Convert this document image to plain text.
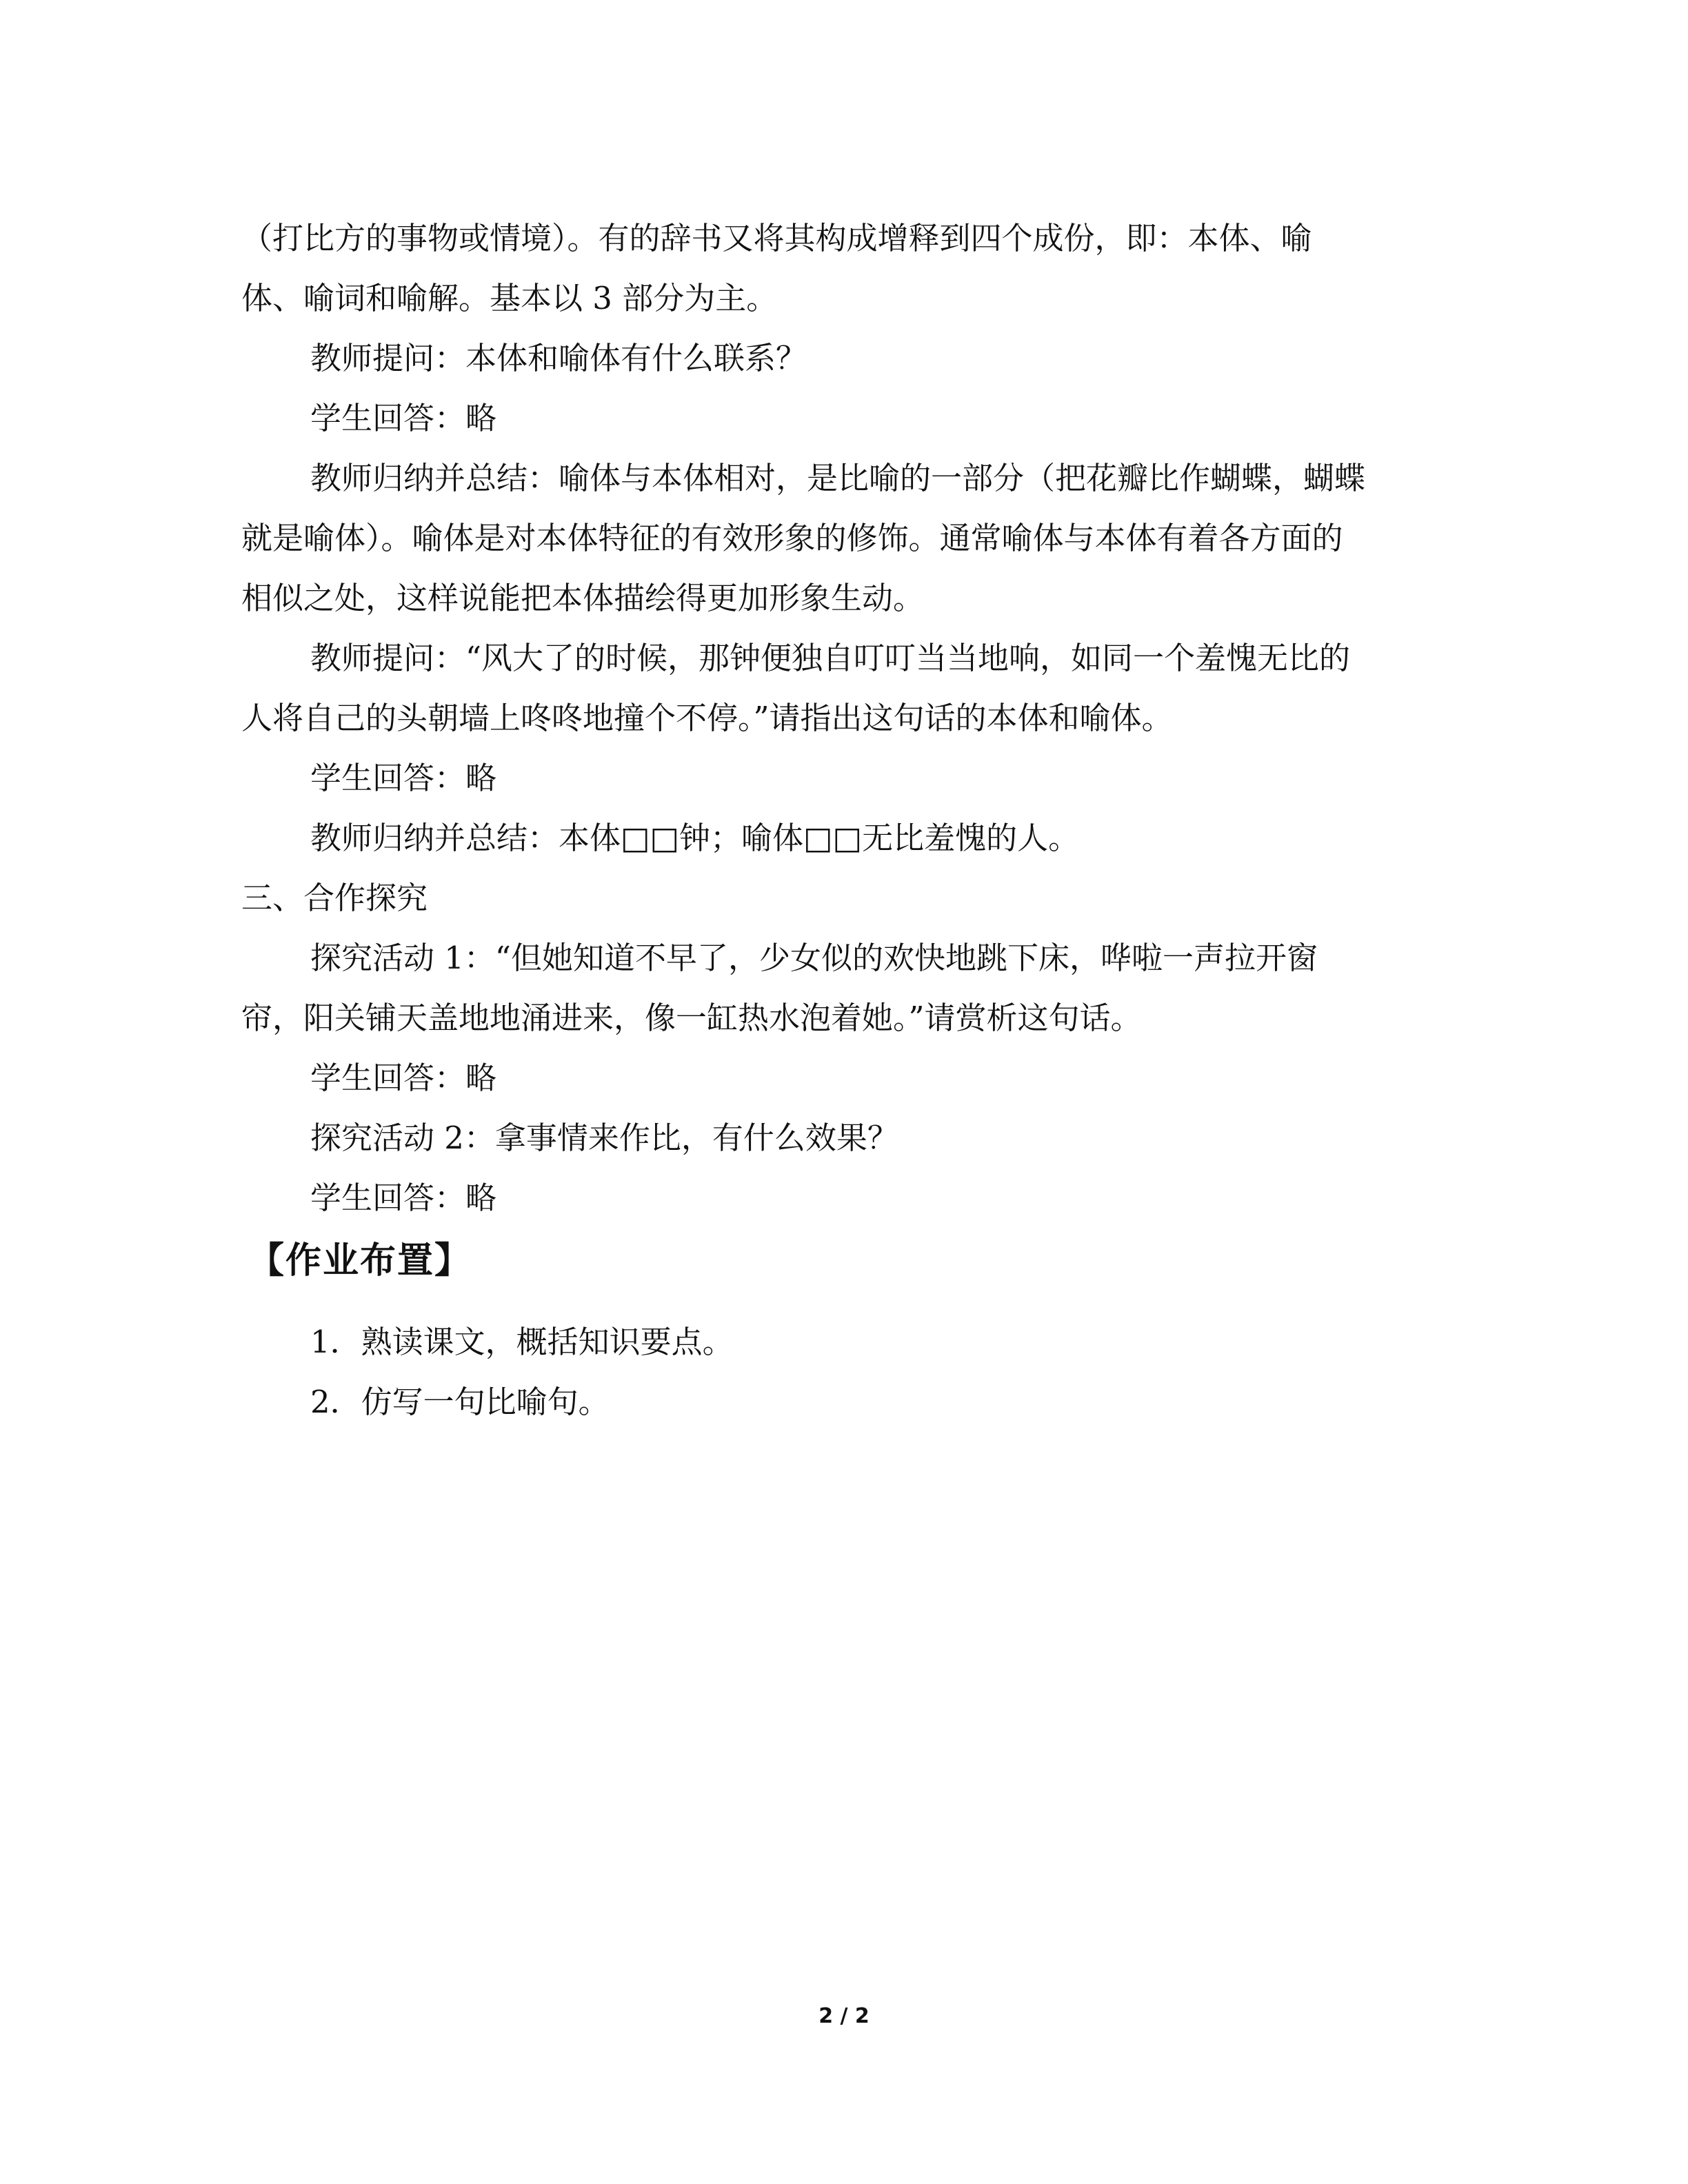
（打比方的事物或情境）。有的辞书又将其构成增释到四个成份，即：本体、喻

体、喻词和喻解。基本以 3 部分为主。

教师提问：本体和喻体有什么联系？

学生回答：略

教师归纳并总结：喻体与本体相对，是比喻的一部分（把花瓣比作蝴蝶，蝴蝶

就是喻体）。喻体是对本体特征的有效形象的修饰。通常喻体与本体有着各方面的

相似之处，这样说能把本体描绘得更加形象生动。

教师提问：“风大了的时候，那钟便独自叮叮当当地响，如同一个羞愧无比的

人将自己的头朝墙上咚咚地撞个不停。”请指出这句话的本体和喻体。

学生回答：略

教师归纳并总结：本体□□钟；喻体□□无比羞愧的人。

三、合作探究

探究活动 1：“但她知道不早了，少女似的欢快地跳下床，哗啦一声拉开窗

帘，阳关铺天盖地地涌进来，像一缸热水泡着她。”请赏析这句话。

学生回答：略

探究活动 2：拿事情来作比，有什么效果？

学生回答：略

【作业布置】

1．熟读课文，概括知识要点。

2．仿写一句比喻句。

2 / 2
